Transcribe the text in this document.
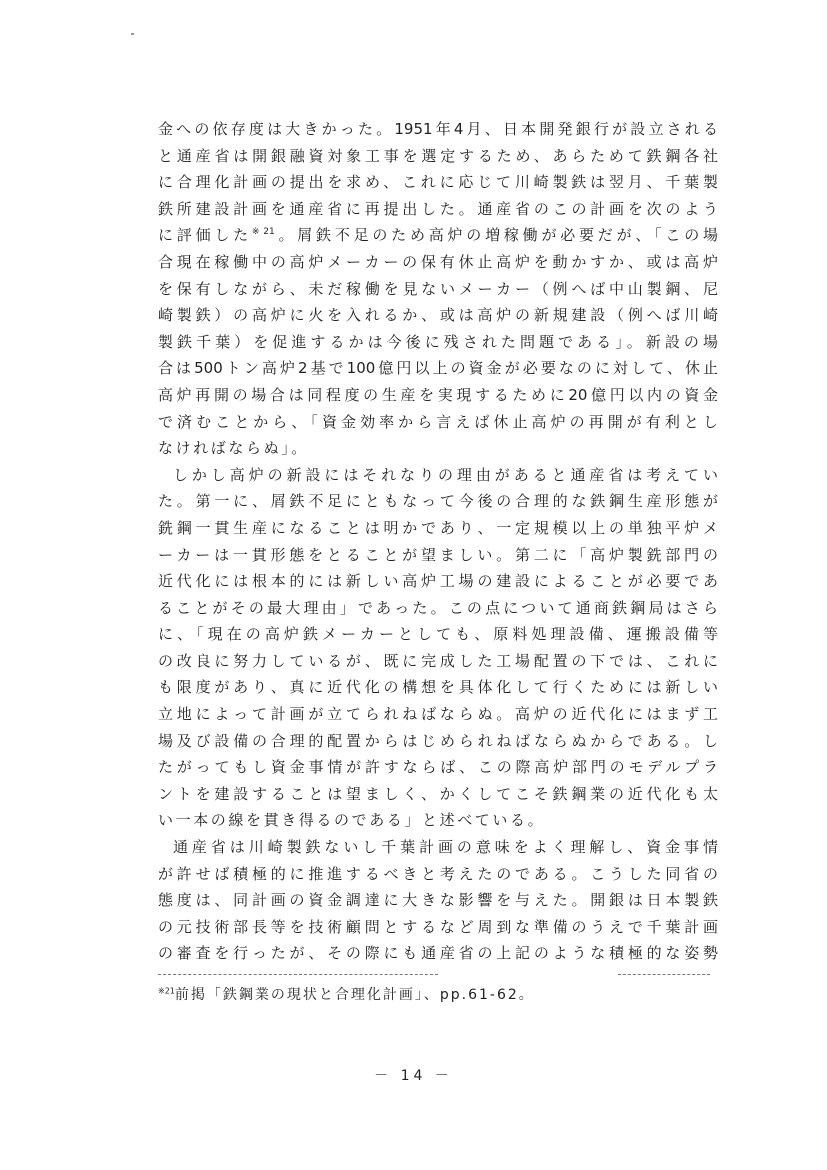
金への依存度は大きかった。1951年4月、日本開発銀行が設立される
と通産省は開銀融資対象工事を選定するため、あらためて鉄鋼各社
に合理化計画の提出を求め、これに応じて川崎製鉄は翌月、千葉製
鉄所建設計画を通産省に再提出した。通産省のこの計画を次のよう
に評価した$^{※21}$。屑鉄不足のため高炉の増稼働が必要だが、「この場
合現在稼働中の高炉メーカーの保有休止高炉を動かすか、或は高炉
を保有しながら、未だ稼働を見ないメーカー（例へば中山製鋼、尼
崎製鉄）の高炉に火を入れるか、或は高炉の新規建設（例へば川崎
製鉄千葉）を促進するかは今後に残された問題である」。新設の場
合は500トン高炉2基で100億円以上の資金が必要なのに対して、休止
高炉再開の場合は同程度の生産を実現するために20億円以内の資金
で済むことから、「資金効率から言えば休止高炉の再開が有利とし
なければならぬ」。
しかし高炉の新設にはそれなりの理由があると通産省は考えてい
た。第一に、屑鉄不足にともなって今後の合理的な鉄鋼生産形態が
銑鋼一貫生産になることは明かであり、一定規模以上の単独平炉メ
ーカーは一貫形態をとることが望ましい。第二に「高炉製銑部門の
近代化には根本的には新しい高炉工場の建設によることが必要であ
ることがその最大理由」であった。この点について通商鉄鋼局はさら
に、「現在の高炉鉄メーカーとしても、原料処理設備、運搬設備等
の改良に努力しているが、既に完成した工場配置の下では、これに
も限度があり、真に近代化の構想を具体化して行くためには新しい
立地によって計画が立てられねばならぬ。高炉の近代化にはまず工
場及び設備の合理的配置からはじめられねばならぬからである。し
たがってもし資金事情が許すならば、この際高炉部門のモデルプラ
ントを建設することは望ましく、かくしてこそ鉄鋼業の近代化も太
い一本の線を貫き得るのである」と述べている。
通産省は川崎製鉄ないし千葉計画の意味をよく理解し、資金事情
が許せば積極的に推進するべきと考えたのである。こうした同省の
態度は、同計画の資金調達に大きな影響を与えた。開銀は日本製鉄
の元技術部長等を技術顧問とするなど周到な準備のうえで千葉計画
の審査を行ったが、その際にも通産省の上記のような積極的な姿勢
$^{※21}$前掲「鉄鋼業の現状と合理化計画」、pp.61-62。
－ 14 －
